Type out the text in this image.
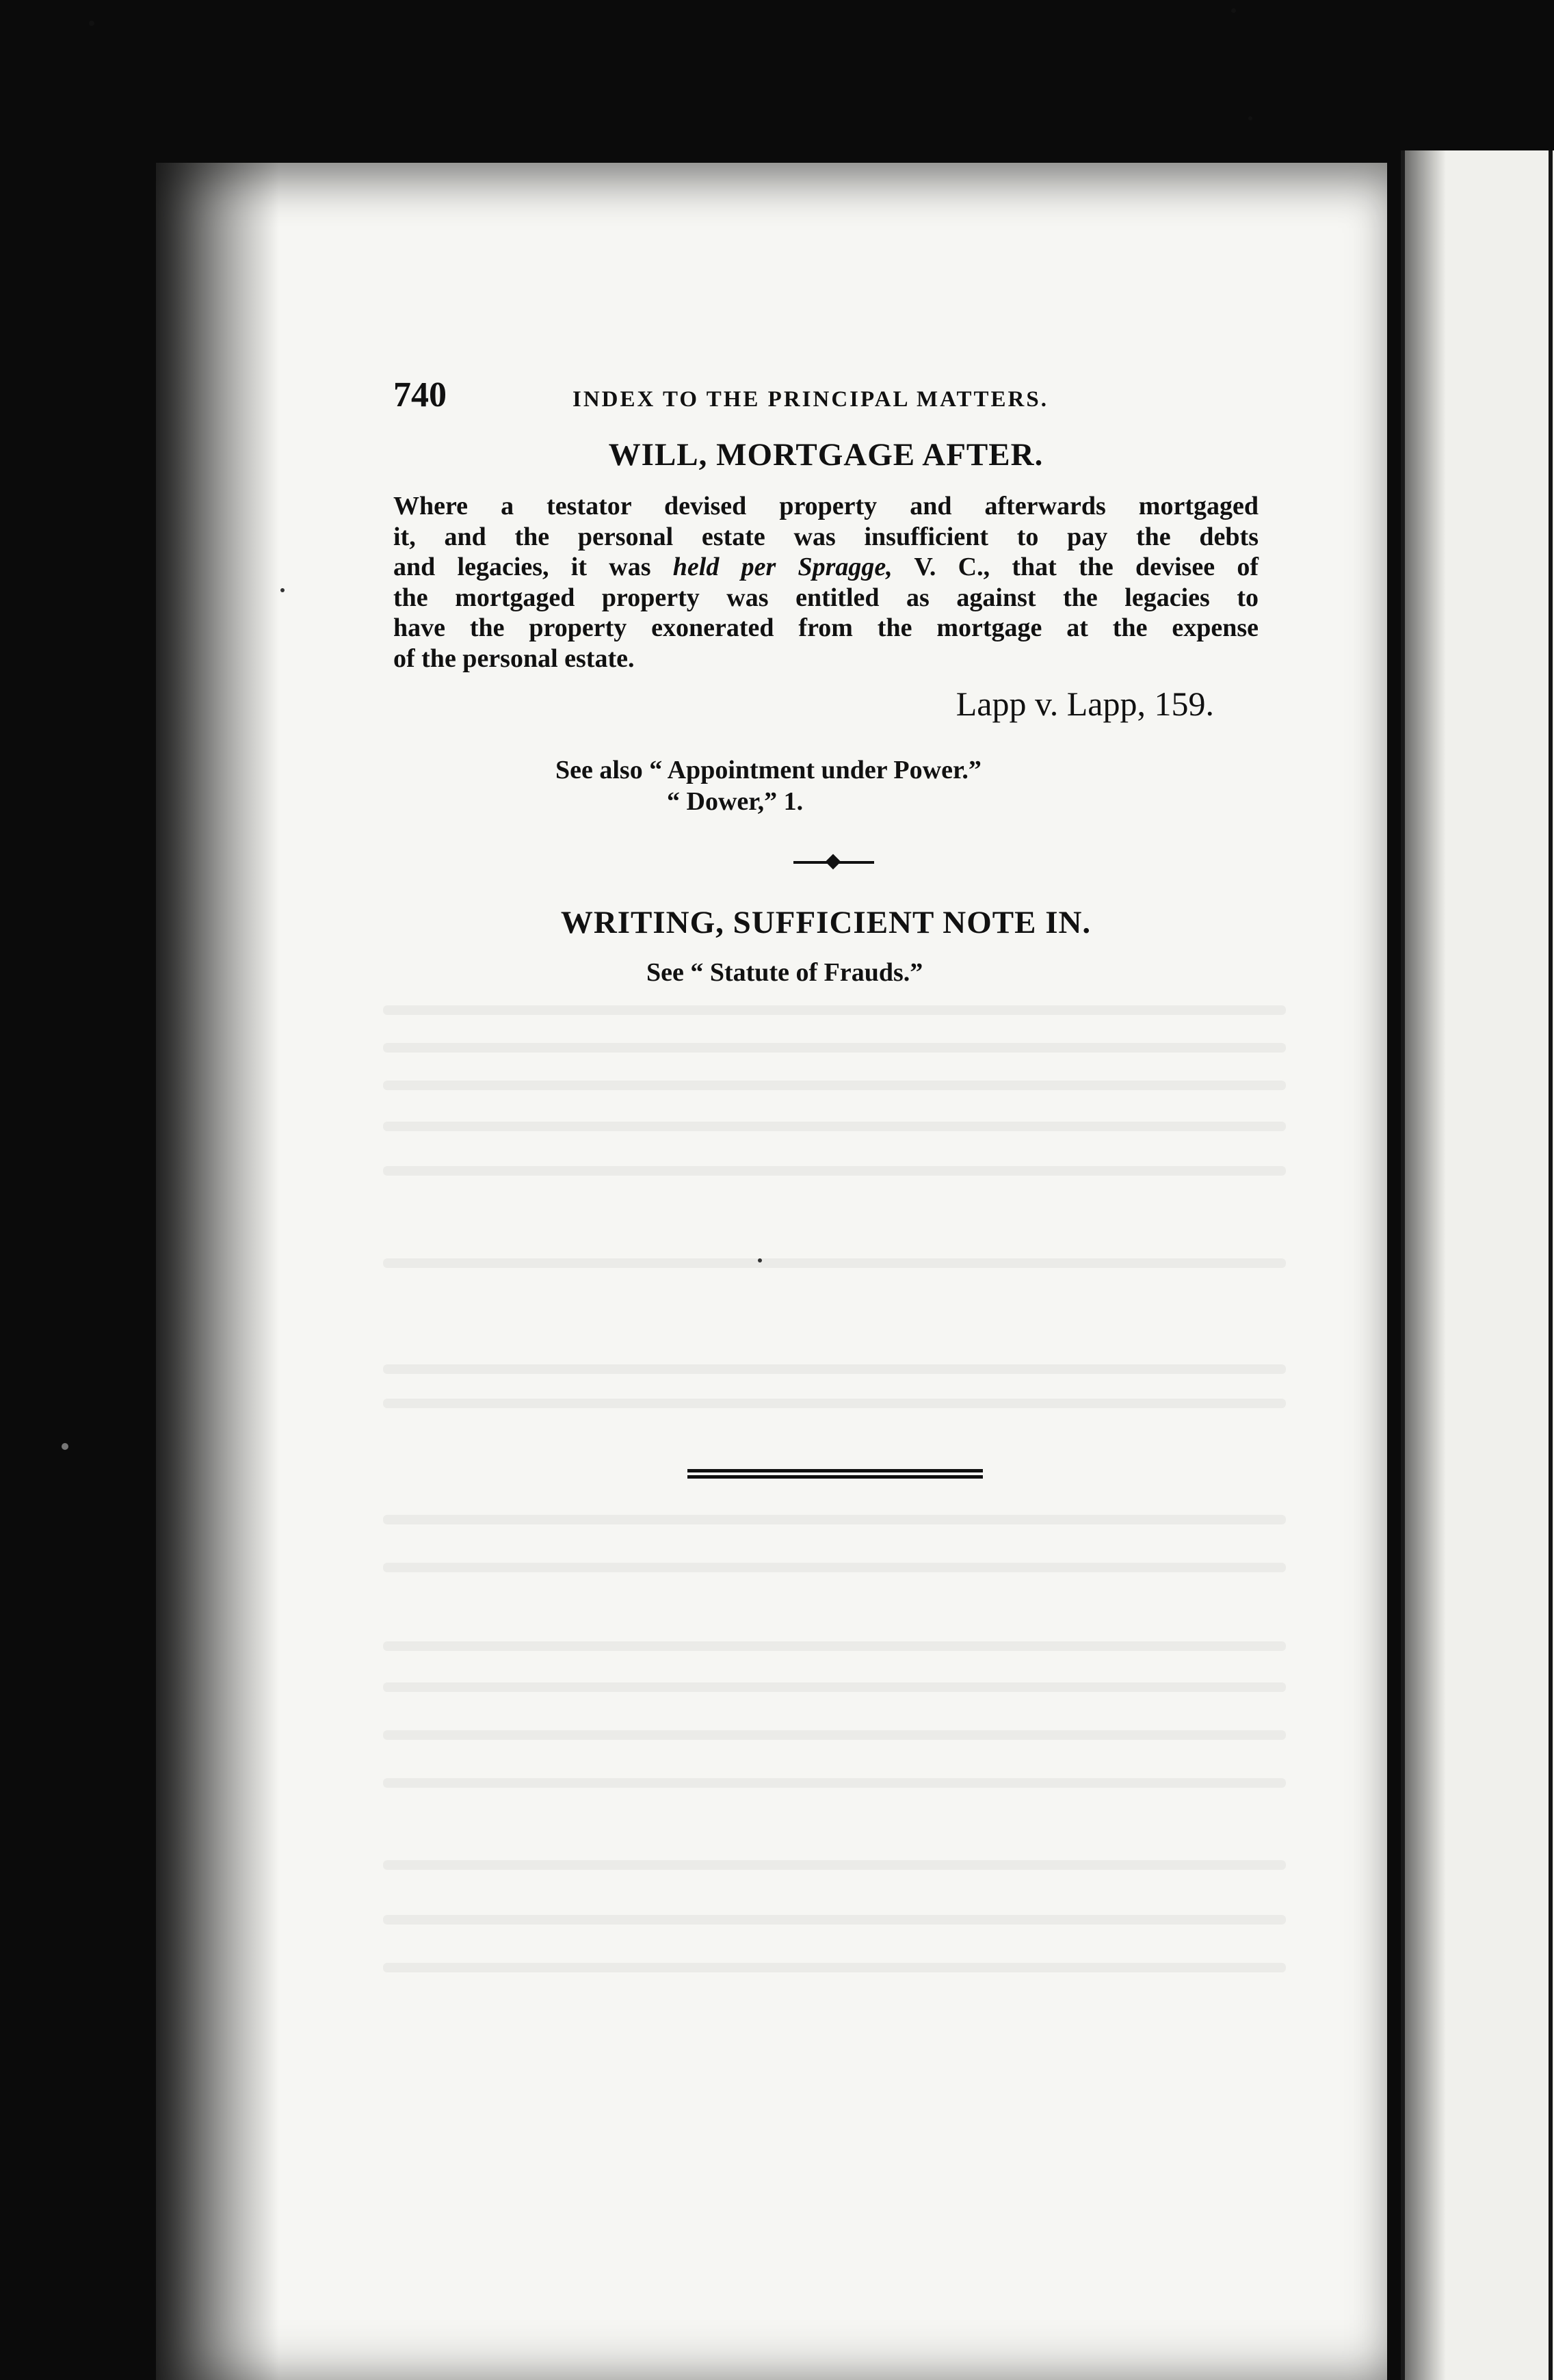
740	INDEX TO THE PRINCIPAL MATTERS.
WILL, MORTGAGE AFTER.

Where a testator devised property and afterwards mortgaged
it, and the personal estate was insufficient to pay the debts
and legacies, it was held per Spragge, V. C., that the devisee of
the mortgaged property was entitled as against the legacies to
have the property exonerated from the mortgage at the expense
of the personal estate.

Lapp v. Lapp, 159.

See also “ Appointment under Power.”

“ Dower,” 1.

WRITING, SUFFICIENT NOTE IN.

See “ Statute of Frauds.”
